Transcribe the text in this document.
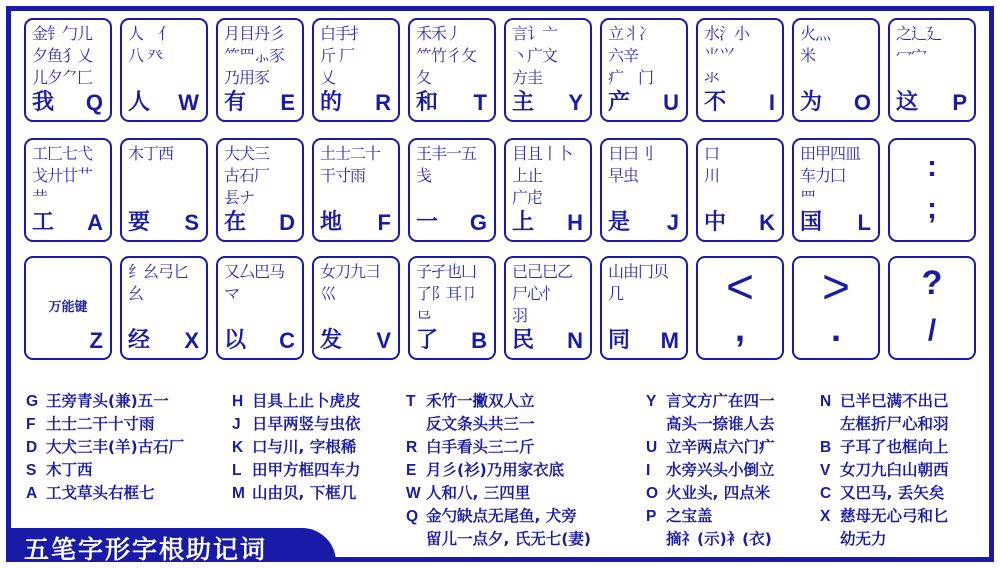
金钅勹儿
夕鱼犭乂
儿夕⺈匚
我 Q
人　亻
八 癶
人 W
月目丹彡
⺮⺲⺗豕
乃用豕
有 E
白手扌
斤 厂
乂
的 R
禾禾丿
⺮竹彳攵
夂
和 T
言讠亠
丶广文
方圭
主 Y
立丬冫
六辛
疒　门
产 U
水氵小
⺌⺍
氺
不 I
火灬
米
为 O
之辶廴
冖宀
这 P
工匚七弋
戈廾廿艹
龷
工 A
木丁西
要 S
大犬三
古石厂
镸ナ
在 D
土士二十
干寸雨
地 F
王丰一五
戋
一 G
目且丨卜
上止
广虍
上 H
日曰刂
早虫
是 J
口
川
中 K
田甲四皿
车力囗
罒
国 L
:
;
万能键
Z
纟幺弓匕
幺
经 X
又厶巴马
マ
以 C
女刀九彐
巛
发 V
子孑也凵
了阝耳卩
⺋
了 B
已己巳乙
尸心忄
羽
民 N
山由冂贝
几
同 M
<
,
>
.
?
/
G 王旁青头(兼)五一
F 土士二干十寸雨
D 大犬三丰(羊)古石厂
S 木丁西
A 工戈草头右框七
H 目具上止卜虎皮
J 日早两竖与虫依
K 口与川, 字根稀
L 田甲方框四车力
M 山由贝, 下框几
T 禾竹一撇双人立
反文条头共三一
R 白手看头三二斤
E 月彡(衫)乃用家衣底
W 人和八, 三四里
Q 金勺缺点无尾鱼, 犬旁
留儿一点夕, 氏无七(妻)
Y 言文方广在四一
高头一捺谁人去
U 立辛两点六门疒
I 水旁兴头小倒立
O 火业头, 四点米
P 之宝盖
摘礻(示)衤(衣)
N 已半巳满不出己
左框折尸心和羽
B 子耳了也框向上
V 女刀九臼山朝西
C 又巴马, 丢矢矣
X 慈母无心弓和匕
幼无力
五笔字形字根助记词
